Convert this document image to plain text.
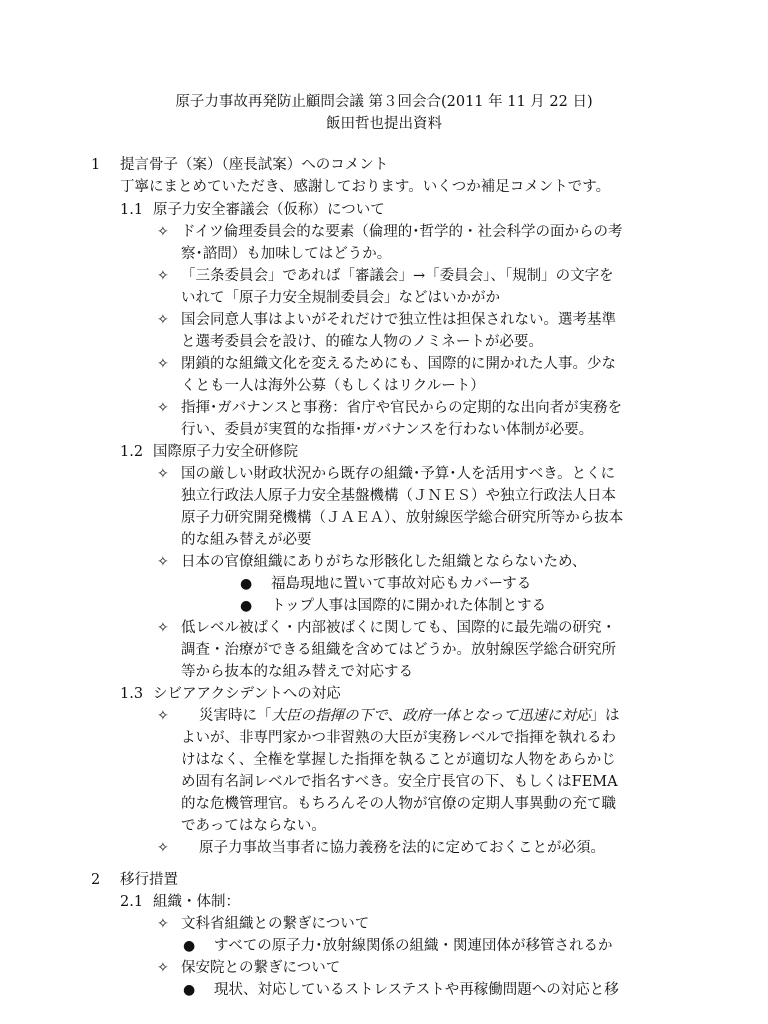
原子力事故再発防止顧問会議 第３回会合(2011 年 11 月 22 日)
飯田哲也提出資料
1 提言骨子（案）（座長試案）へのコメント
丁寧にまとめていただき、感謝しております。いくつか補足コメントです。
1.1 原子力安全審議会（仮称）について
✧ ドイツ倫理委員会的な要素（倫理的･哲学的・社会科学の面からの考
察･諮問）も加味してはどうか。
✧ 「三条委員会」であれば「審議会」→「委員会」、「規制」の文字を
いれて「原子力安全規制委員会」などはいかがか
✧ 国会同意人事はよいがそれだけで独立性は担保されない。選考基準
と選考委員会を設け、的確な人物のノミネートが必要。
✧ 閉鎖的な組織文化を変えるためにも、国際的に開かれた人事。少な
くとも一人は海外公募（もしくはリクルート）
✧ 指揮･ガバナンスと事務：省庁や官民からの定期的な出向者が実務を
行い、委員が実質的な指揮･ガバナンスを行わない体制が必要。
1.2 国際原子力安全研修院
✧ 国の厳しい財政状況から既存の組織･予算･人を活用すべき。とくに
独立行政法人原子力安全基盤機構（ＪＮＥＳ）や独立行政法人日本
原子力研究開発機構（ＪＡＥＡ）、放射線医学総合研究所等から抜本
的な組み替えが必要
✧ 日本の官僚組織にありがちな形骸化した組織とならないため、
● 福島現地に置いて事故対応もカバーする
● トップ人事は国際的に開かれた体制とする
✧ 低レベル被ばく・内部被ばくに関しても、国際的に最先端の研究・
調査・治療ができる組織を含めてはどうか。放射線医学総合研究所
等から抜本的な組み替えで対応する
1.3 シビアアクシデントへの対応
✧ 災害時に「大臣の指揮の下で、政府一体となって迅速に対応」は
よいが、非専門家かつ非習熟の大臣が実務レベルで指揮を執れるわ
けはなく、全権を掌握した指揮を執ることが適切な人物をあらかじ
め固有名詞レベルで指名すべき。安全庁長官の下、もしくはFEMA
的な危機管理官。もちろんその人物が官僚の定期人事異動の充て職
であってはならない。
✧ 原子力事故当事者に協力義務を法的に定めておくことが必須。
2 移行措置
2.1 組織・体制：
✧ 文科省組織との繋ぎについて
● すべての原子力･放射線関係の組織・関連団体が移管されるか
✧ 保安院との繋ぎについて
● 現状、対応しているストレステストや再稼働問題への対応と移
